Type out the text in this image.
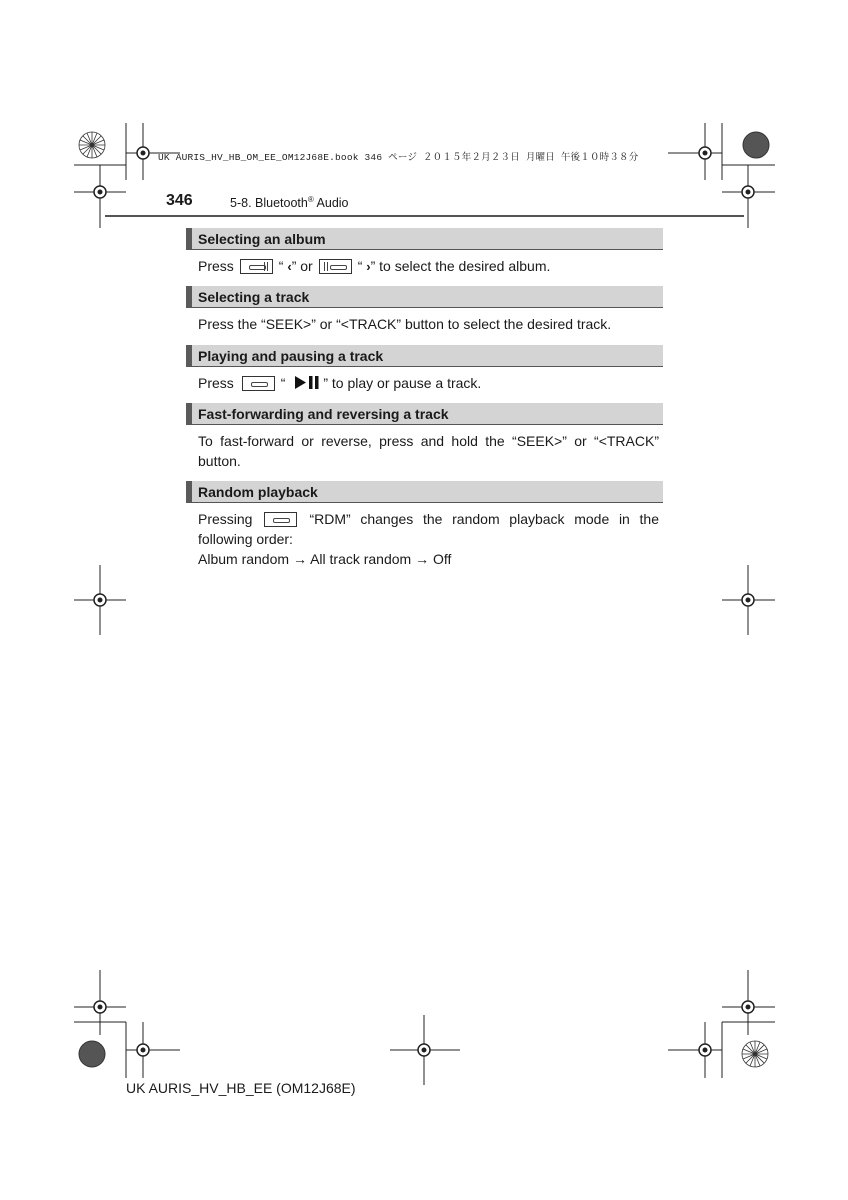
UK AURIS_HV_HB_OM_EE_OM12J68E.book 346 ページ ２０１５年２月２３日 月曜日 午後１０時３８分
346	5-8. Bluetooth® Audio
Selecting an album
Press	“ ‹” or	“ ›” to select the desired album.
Selecting a track
Press the “SEEK>” or “<TRACK” button to select the desired track.
Playing and pausing a track
Press	“	” to play or pause a track.
Fast-forwarding and reversing a track
To fast-forward or reverse, press and hold the “SEEK>” or “<TRACK” button.
Random playback
Pressing	“RDM” changes the random playback mode in the following order:
Album random → All track random → Off
UK AURIS_HV_HB_EE (OM12J68E)
